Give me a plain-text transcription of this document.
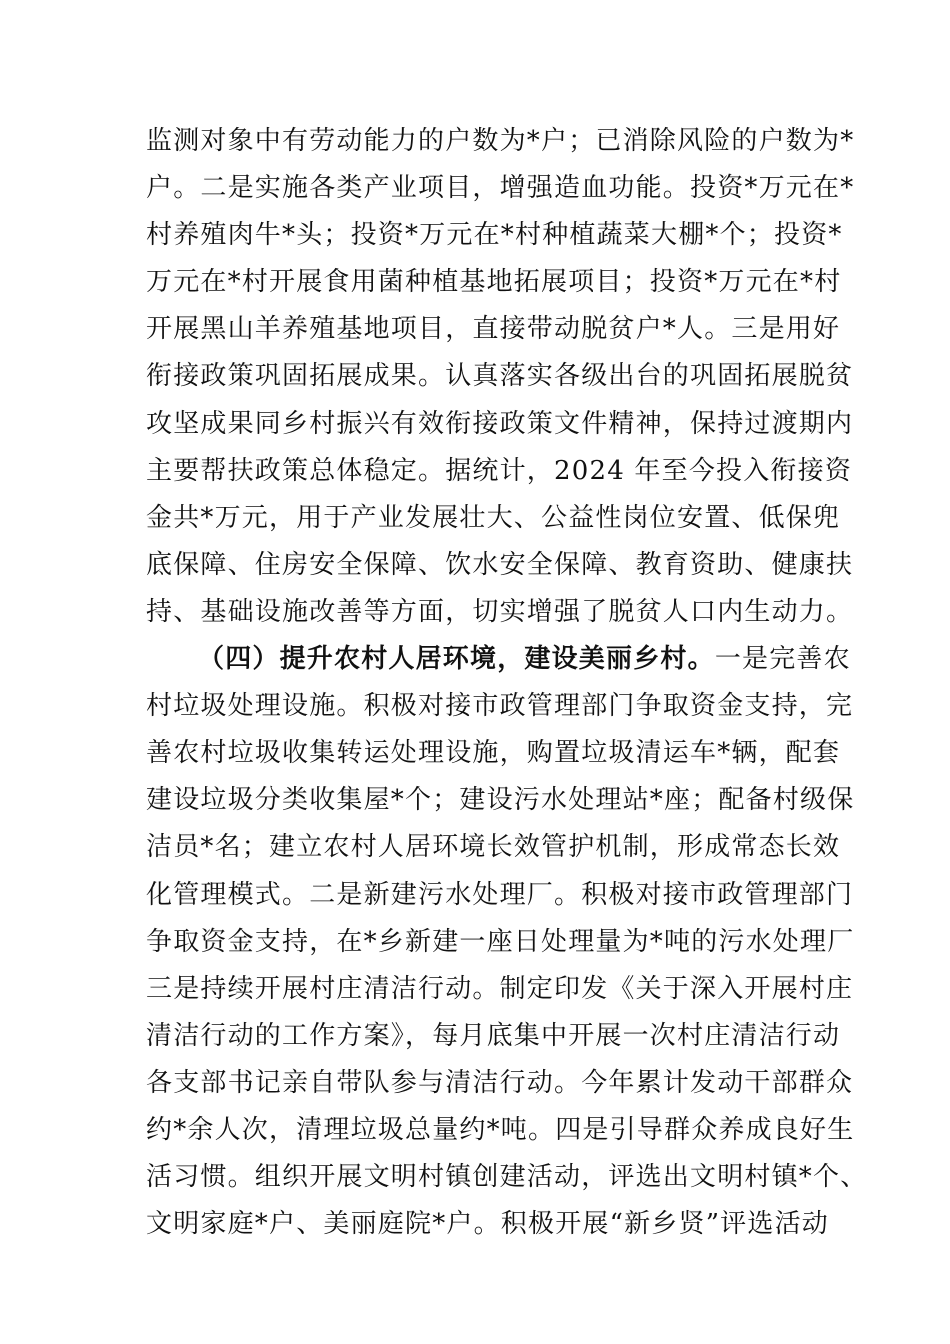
监测对象中有劳动能力的户数为*户；已消除风险的户数为*
户。二是实施各类产业项目，增强造血功能。投资*万元在*
村养殖肉牛*头；投资*万元在*村种植蔬菜大棚*个；投资*
万元在*村开展食用菌种植基地拓展项目；投资*万元在*村
开展黑山羊养殖基地项目，直接带动脱贫户*人。三是用好
衔接政策巩固拓展成果。认真落实各级出台的巩固拓展脱贫
攻坚成果同乡村振兴有效衔接政策文件精神，保持过渡期内
主要帮扶政策总体稳定。据统计，2024 年至今投入衔接资
金共*万元，用于产业发展壮大、公益性岗位安置、低保兜
底保障、住房安全保障、饮水安全保障、教育资助、健康扶
持、基础设施改善等方面，切实增强了脱贫人口内生动力。
（四）提升农村人居环境，建设美丽乡村。一是完善农
村垃圾处理设施。积极对接市政管理部门争取资金支持，完
善农村垃圾收集转运处理设施，购置垃圾清运车*辆，配套
建设垃圾分类收集屋*个；建设污水处理站*座；配备村级保
洁员*名；建立农村人居环境长效管护机制，形成常态长效
化管理模式。二是新建污水处理厂。积极对接市政管理部门
争取资金支持，在*乡新建一座日处理量为*吨的污水处理厂
三是持续开展村庄清洁行动。制定印发《关于深入开展村庄
清洁行动的工作方案》，每月底集中开展一次村庄清洁行动
各支部书记亲自带队参与清洁行动。今年累计发动干部群众
约*余人次，清理垃圾总量约*吨。四是引导群众养成良好生
活习惯。组织开展文明村镇创建活动，评选出文明村镇*个、
文明家庭*户、美丽庭院*户。积极开展“新乡贤”评选活动
